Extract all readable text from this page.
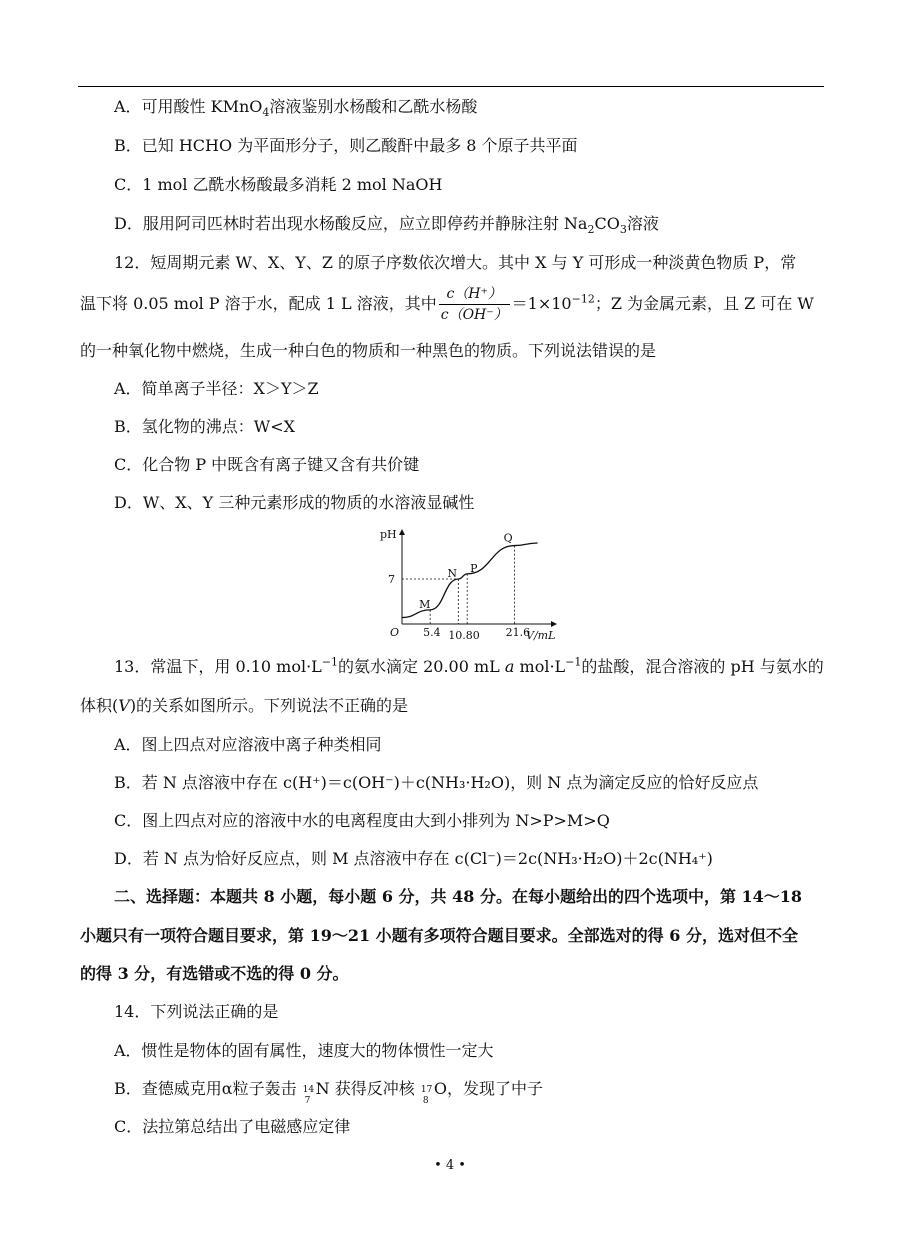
A．可用酸性 KMnO$_4$溶液鉴别水杨酸和乙酰水杨酸
B．已知 HCHO 为平面形分子，则乙酸酐中最多 8 个原子共平面
C．1 mol 乙酰水杨酸最多消耗 2 mol NaOH
D．服用阿司匹林时若出现水杨酸反应，应立即停药并静脉注射 $Na_2CO_3$溶液
12．短周期元素 W、X、Y、Z 的原子序数依次增大。其中 X 与 Y 可形成一种淡黄色物质 P，常
温下将 0.05 mol P 溶于水，配成 1 L 溶液，其中 $\frac{c(H^+)}{c(OH^-)} =1\times 10^{-12}$；Z 为金属元素，且 Z 可在 W
的一种氧化物中燃烧，生成一种白色的物质和一种黑色的物质。下列说法错误的是
A．简单离子半径：X＞Y＞Z
B．氢化物的沸点：W<X
C．化合物 P 中既含有离子键又含有共价键
D．W、X、Y 三种元素形成的物质的水溶液显碱性
pH
O	V/mL
M
N P
Q
7
5.4 10.80 21.6
13．常温下，用 0.10 $mol\cdot L^{-1}$的氨水滴定 20.00 mL a $mol\cdot L^{-1}$的盐酸，混合溶液的 pH 与氨水的
体积(V)的关系如图所示。下列说法不正确的是
A．图上四点对应溶液中离子种类相同
B．若 N 点溶液中存在 c(H⁺)＝c(OH⁻)＋c(NH₃·H₂O)，则 N 点为滴定反应的恰好反应点
C．图上四点对应的溶液中水的电离程度由大到小排列为 N>P>M>Q
D．若 N 点为恰好反应点，则 M 点溶液中存在 c(Cl⁻)＝2c(NH₃·H₂O)＋2c(NH₄⁺)
二、选择题：本题共 8 小题，每小题 6 分，共 48 分。在每小题给出的四个选项中，第 14～18
小题只有一项符合题目要求，第 19～21 小题有多项符合题目要求。全部选对的得 6 分，选对但不全
的得 3 分，有选错或不选的得 0 分。
14．下列说法正确的是
A．惯性是物体的固有属性，速度大的物体惯性一定大
B．查德威克用α粒子轰击 14
7
N 获得反冲核 17
8
O，发现了中子
C．法拉第总结出了电磁感应定律
• 4 •
